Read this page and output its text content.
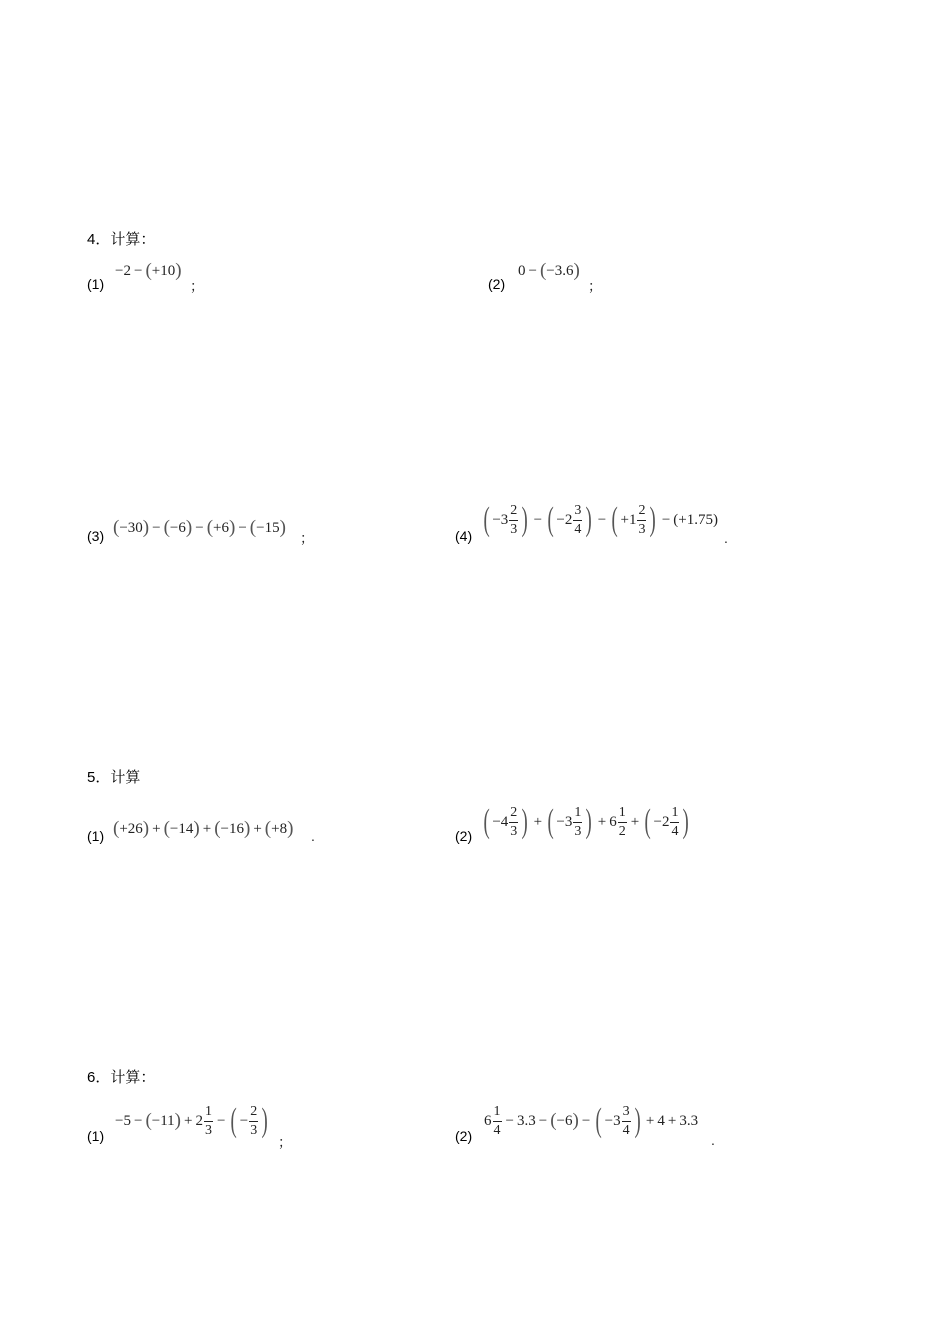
4．计算：
(1)
−2 − ( +10 )
；	(2)
0 − ( −3.6 )
；
(3) ( −30 ) − ( −6 ) − ( +6 ) − ( −15 ) ；	(4) ( $-3 \frac{2}{3}$ ) − ( $-2 \frac{3}{4}$ ) − ( $+1 \frac{2}{3}$ ) − (+1.75)
.
5．计算
(1) ( +26 ) + ( −14 ) + ( −16 ) + ( +8 ) .	(2) ( $-4 \frac{2}{3}$ ) + ( $-3 \frac{1}{3}$ ) + $6 \frac{1}{2}$ + ( $-2 \frac{1}{4}$ )
6．计算：
(1)
−5 − ( −11 ) + $2 \frac{1}{3}$ − ( − $\frac{2}{3}$ )
；	(2)
$6 \frac{1}{4} - 3.3$ − ( −6 ) − ( $-3 \frac{3}{4}$ ) + 4 + 3.3
.
